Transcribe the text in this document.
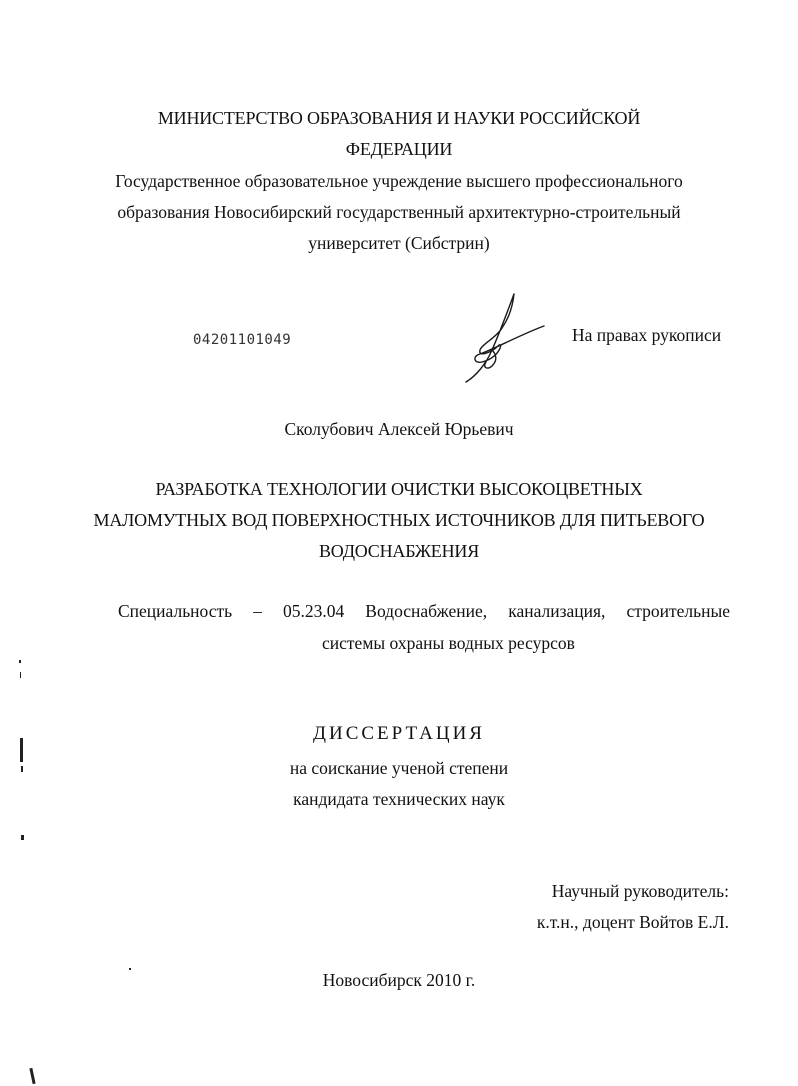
МИНИСТЕРСТВО ОБРАЗОВАНИЯ И НАУКИ РОССИЙСКОЙ
ФЕДЕРАЦИИ
Государственное образовательное учреждение высшего профессионального
образования Новосибирский государственный архитектурно-строительный
университет (Сибстрин)
04201101049	На правах рукописи
Сколубович Алексей Юрьевич
РАЗРАБОТКА ТЕХНОЛОГИИ ОЧИСТКИ ВЫСОКОЦВЕТНЫХ
МАЛОМУТНЫХ ВОД ПОВЕРХНОСТНЫХ ИСТОЧНИКОВ ДЛЯ ПИТЬЕВОГО
ВОДОСНАБЖЕНИЯ
Специальность – 05.23.04 Водоснабжение, канализация, строительные
системы охраны водных ресурсов
ДИССЕРТАЦИЯ
на соискание ученой степени
кандидата технических наук
Научный руководитель:
к.т.н., доцент Войтов Е.Л.
Новосибирск 2010 г.
